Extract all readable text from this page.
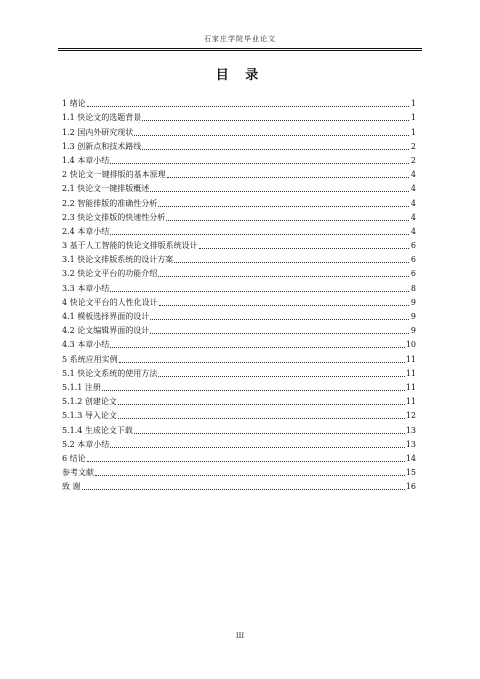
石家庄学院毕业论文
目 录
1 绪论	1
1.1 快论文的选题背景	1
1.2 国内外研究现状	1
1.3 创新点和技术路线	2
1.4 本章小结	2
2 快论文一键排版的基本原理	4
2.1 快论文一键排版概述	4
2.2 智能排版的准确性分析	4
2.3 快论文排版的快速性分析	4
2.4 本章小结	4
3 基于人工智能的快论文排版系统设计	6
3.1 快论文排版系统的设计方案	6
3.2 快论文平台的功能介绍	6
3.3 本章小结	8
4 快论文平台的人性化设计	9
4.1 模板选择界面的设计	9
4.2 论文编辑界面的设计	9
4.3 本章小结	10
5 系统应用实例	11
5.1 快论文系统的使用方法	11
5.1.1 注册	11
5.1.2 创建论文	11
5.1.3 导入论文	12
5.1.4 生成论文下载	13
5.2 本章小结	13
6 结论	14
参考文献	15
致 谢	16
III
